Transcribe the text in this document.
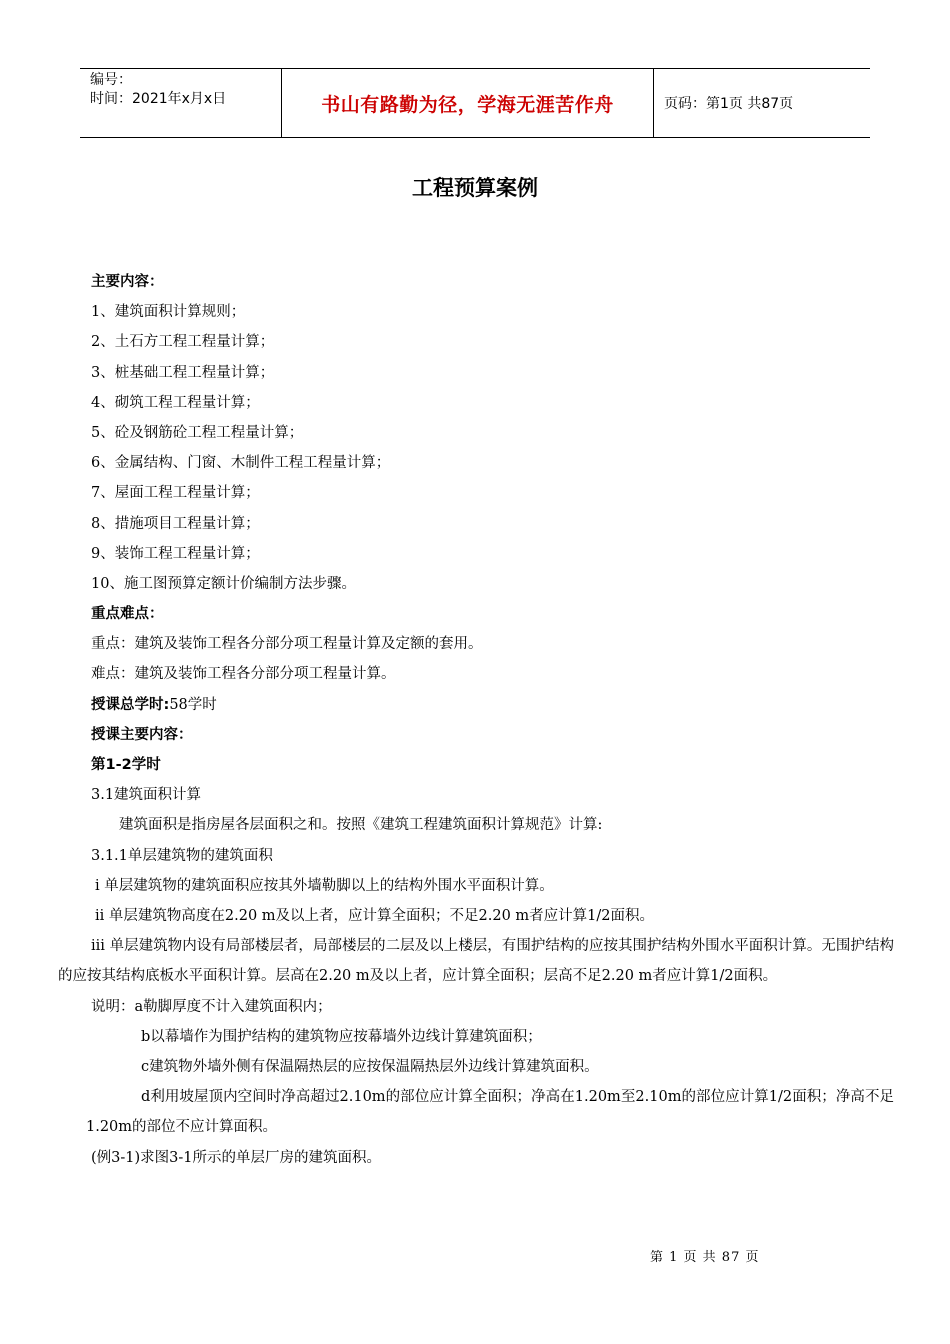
编号：
时间：2021年x月x日	书山有路勤为径，学海无涯苦作舟	页码：第1页 共87页
工程预算案例
主要内容：
1、建筑面积计算规则；
2、土石方工程工程量计算；
3、桩基础工程工程量计算；
4、砌筑工程工程量计算；
5、砼及钢筋砼工程工程量计算；
6、金属结构、门窗、木制件工程工程量计算；
7、屋面工程工程量计算；
8、措施项目工程量计算；
9、装饰工程工程量计算；
10、施工图预算定额计价编制方法步骤。
重点难点：
重点：建筑及装饰工程各分部分项工程量计算及定额的套用。
难点：建筑及装饰工程各分部分项工程量计算。
授课总学时:58学时
授课主要内容：
第1-2学时
3.1建筑面积计算
建筑面积是指房屋各层面积之和。按照《建筑工程建筑面积计算规范》计算:
3.1.1单层建筑物的建筑面积
ⅰ 单层建筑物的建筑面积应按其外墙勒脚以上的结构外围水平面积计算。
ⅱ 单层建筑物高度在2.20 m及以上者，应计算全面积；不足2.20 m者应计算1/2面积。
ⅲ 单层建筑物内设有局部楼层者，局部楼层的二层及以上楼层，有围护结构的应按其围护结构外围水平面积计算。无围护结构的应按其结构底板水平面积计算。层高在2.20 m及以上者，应计算全面积；层高不足2.20 m者应计算1/2面积。
说明：a勒脚厚度不计入建筑面积内；
b以幕墙作为围护结构的建筑物应按幕墙外边线计算建筑面积；
c建筑物外墙外侧有保温隔热层的应按保温隔热层外边线计算建筑面积。
d利用坡屋顶内空间时净高超过2.10m的部位应计算全面积；净高在1.20m至2.10m的部位应计算1/2面积；净高不足1.20m的部位不应计算面积。
(例3-1)求图3-1所示的单层厂房的建筑面积。
第 1 页 共 87 页
